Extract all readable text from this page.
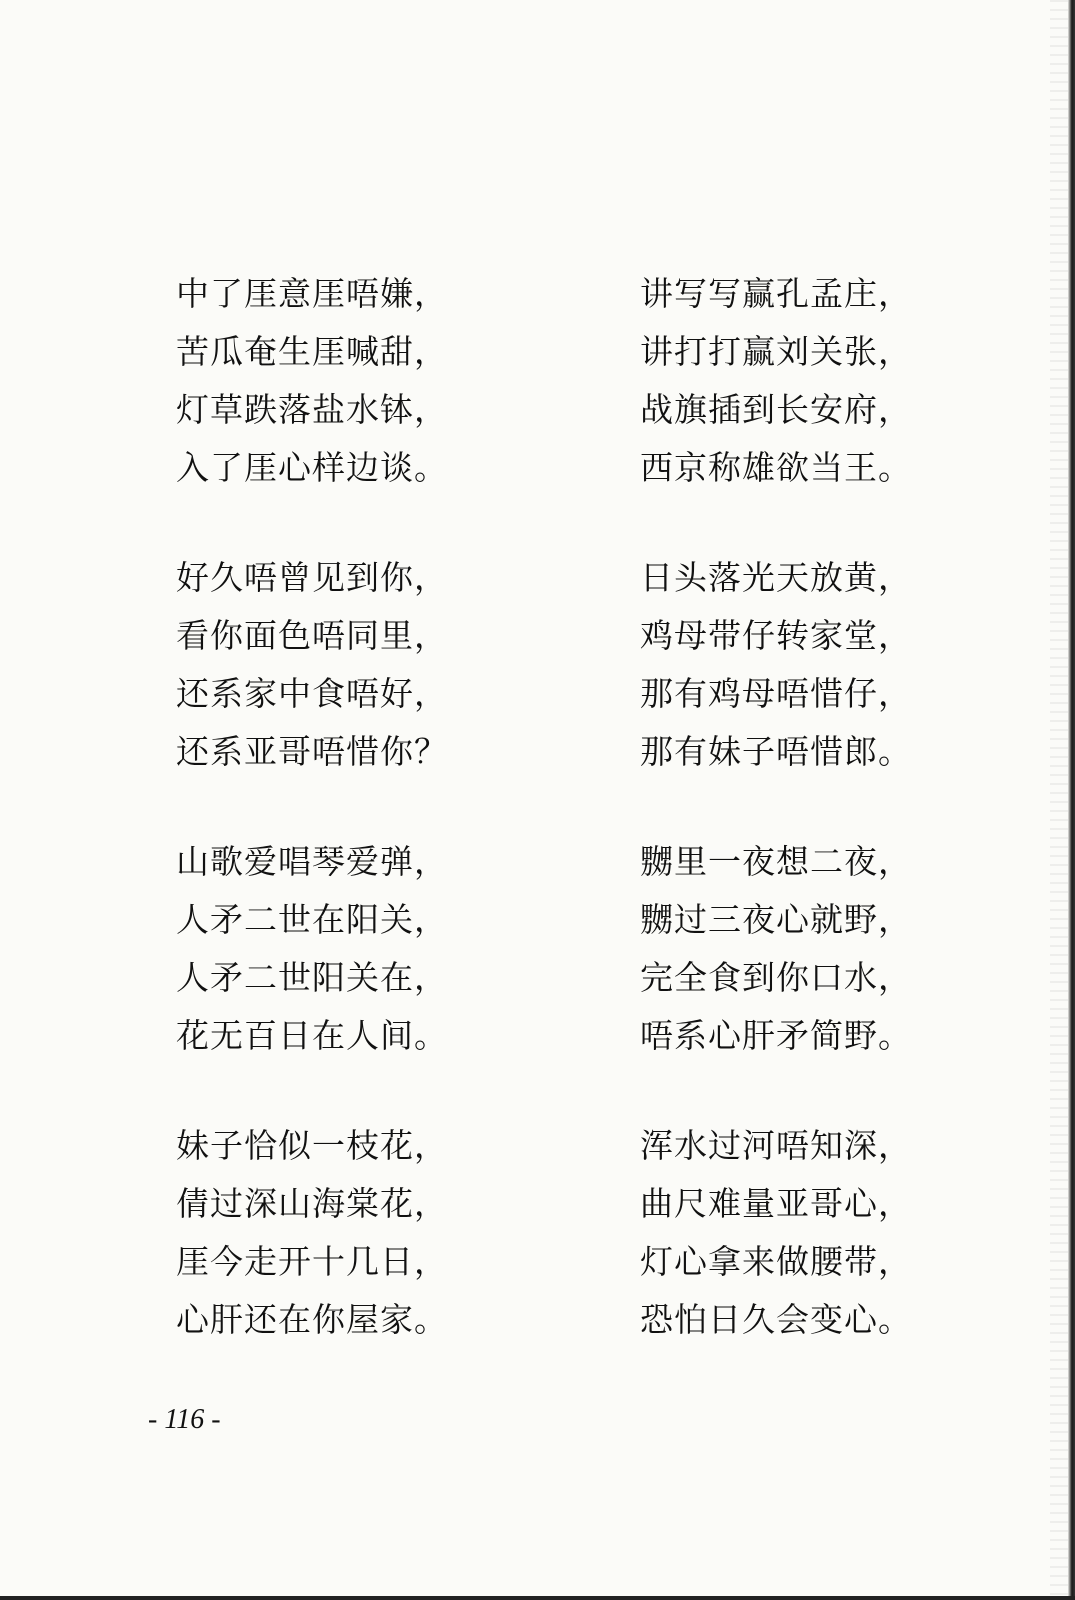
中了厓意厓唔嫌，
苦瓜奄生厓喊甜，
灯草跌落盐水钵，
入了厓心样边谈。
好久唔曾见到你，
看你面色唔同里，
还系家中食唔好，
还系亚哥唔惜你？
山歌爱唱琴爱弹，
人矛二世在阳关，
人矛二世阳关在，
花无百日在人间。
妹子恰似一枝花，
倩过深山海棠花，
厓今走开十几日，
心肝还在你屋家。
讲写写赢孔孟庄，
讲打打赢刘关张，
战旗插到长安府，
西京称雄欲当王。
日头落光天放黄，
鸡母带仔转家堂，
那有鸡母唔惜仔，
那有妹子唔惜郎。
嬲里一夜想二夜，
嬲过三夜心就野，
完全食到你口水，
唔系心肝矛简野。
浑水过河唔知深，
曲尺难量亚哥心，
灯心拿来做腰带，
恐怕日久会变心。
- 116 -
